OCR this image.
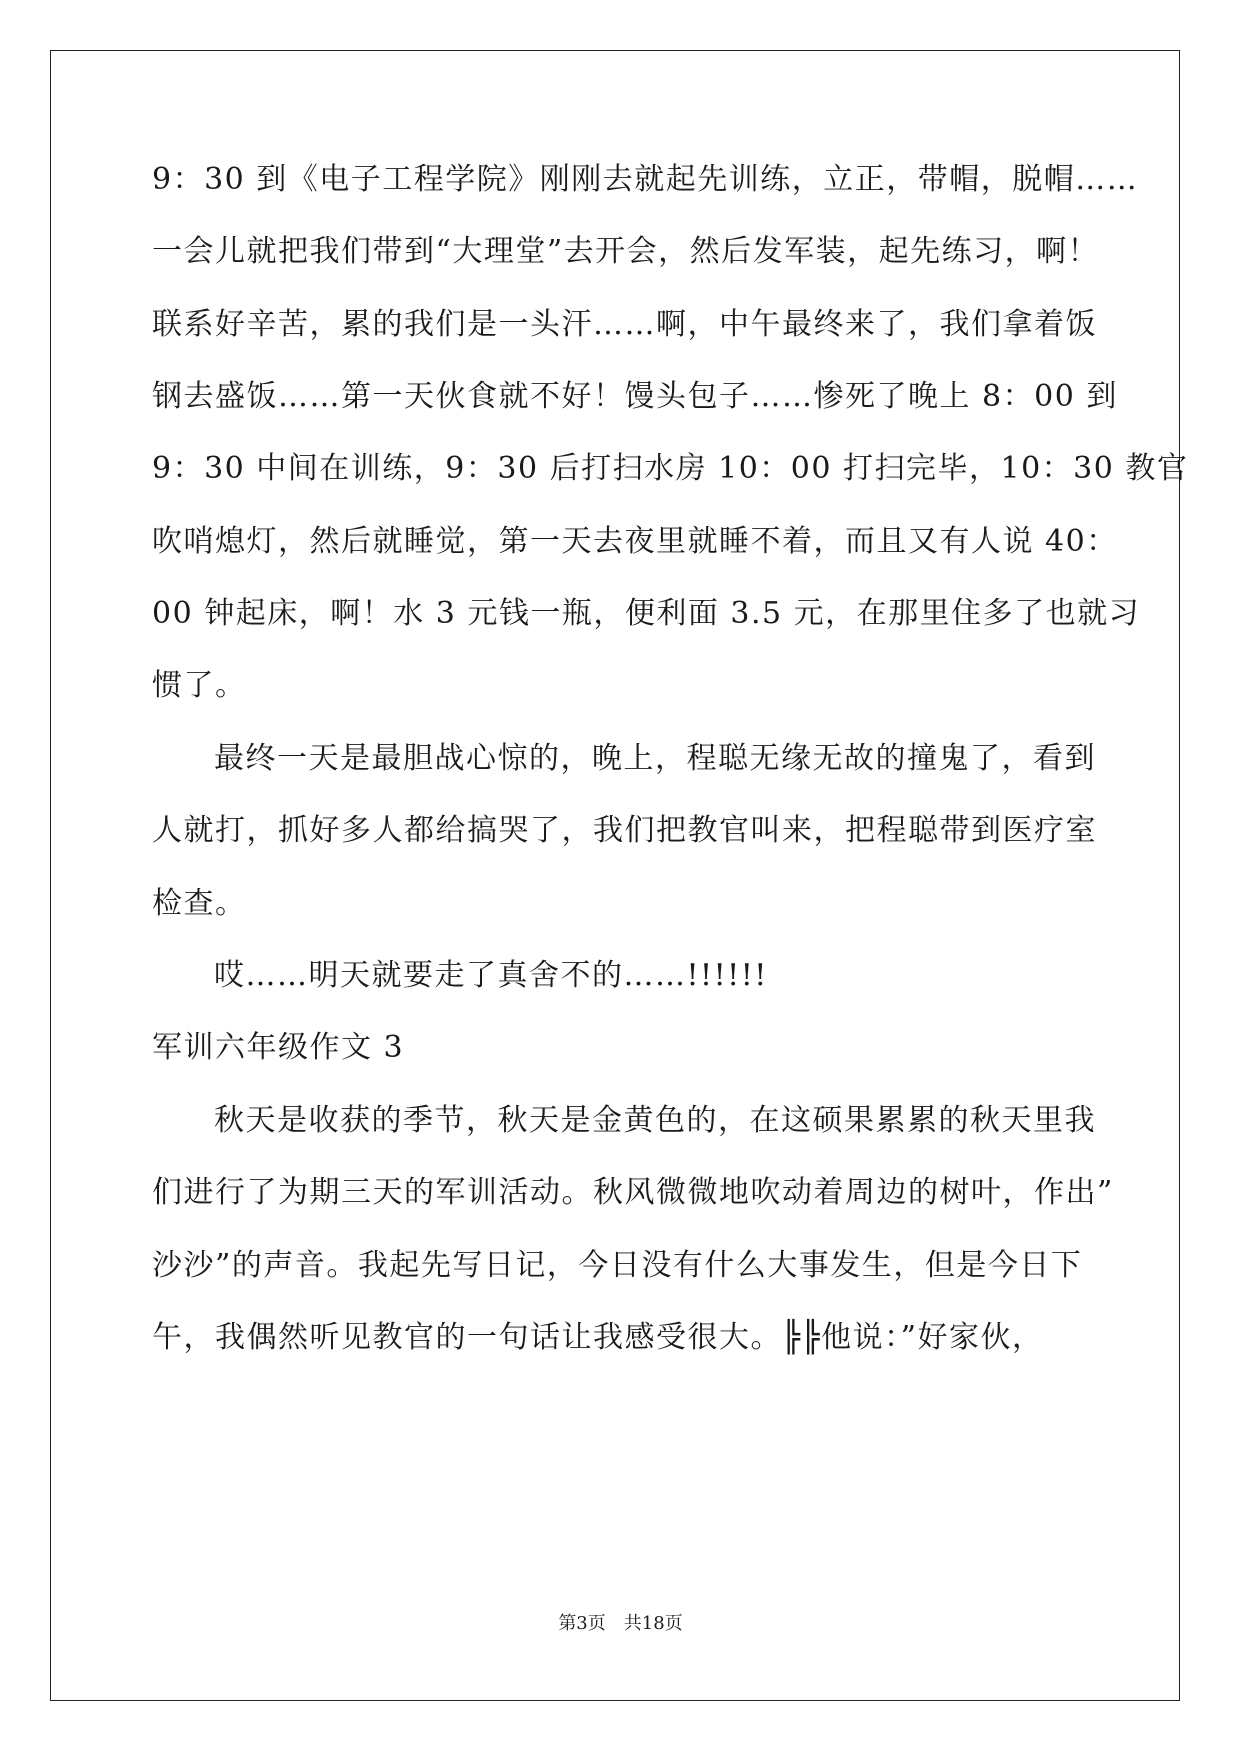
9：30 到《电子工程学院》刚刚去就起先训练，立正，带帽，脱帽……
一会儿就把我们带到“大理堂”去开会，然后发军装，起先练习，啊！
联系好辛苦，累的我们是一头汗……啊，中午最终来了，我们拿着饭
钢去盛饭……第一天伙食就不好！馒头包子……惨死了晚上 8：00 到
9：30 中间在训练，9：30 后打扫水房 10：00 打扫完毕，10：30 教官
吹哨熄灯，然后就睡觉，第一天去夜里就睡不着，而且又有人说 40：
00 钟起床，啊！水 3 元钱一瓶，便利面 3.5 元，在那里住多了也就习
惯了。
最终一天是最胆战心惊的，晚上，程聪无缘无故的撞鬼了，看到
人就打，抓好多人都给搞哭了，我们把教官叫来，把程聪带到医疗室
检查。
哎……明天就要走了真舍不的……!!!!!!
军训六年级作文 3
秋天是收获的季节，秋天是金黄色的，在这硕果累累的秋天里我
们进行了为期三天的军训活动。秋风微微地吹动着周边的树叶，作出”
沙沙”的声音。我起先写日记，今日没有什么大事发生，但是今日下
午，我偶然听见教官的一句话让我感受很大。╠╠他说：”好家伙，
第3页 共18页
